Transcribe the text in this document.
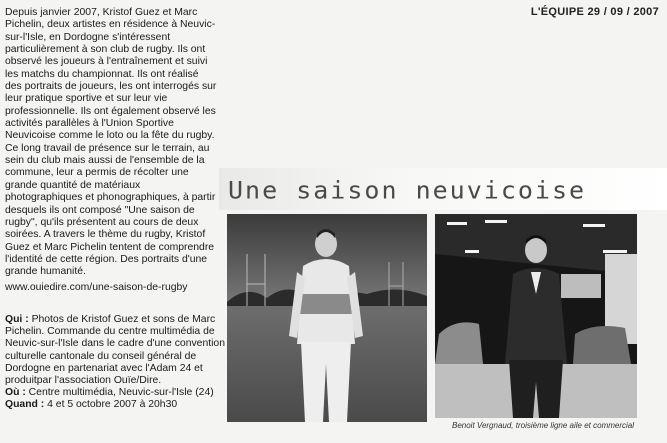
L'ÉQUIPE 29 / 09 / 2007

Depuis janvier 2007, Kristof Guez et Marc Pichelin, deux artistes en résidence à Neuvic-sur-l'Isle, en Dordogne s'intéressent particulièrement à son club de rugby. Ils ont observé les joueurs à l'entraînement et suivi les matchs du championnat. Ils ont réalisé des portraits de joueurs, les ont interrogés sur leur pratique sportive et sur leur vie professionnelle. Ils ont également observé les activités parallèles à l'Union Sportive Neuvicoise comme le loto ou la fête du rugby. Ce long travail de présence sur le terrain, au sein du club mais aussi de l'ensemble de la commune, leur a permis de récolter une grande quantité de matériaux photographiques et phonographiques, à partir desquels ils ont composé "Une saison de rugby", qu'ils présentent au cours de deux soirées. A travers le thème du rugby, Kristof Guez et Marc Pichelin tentent de comprendre l'identité de cette région. Des portraits d'une grande humanité.

www.ouiedire.com/une-saison-de-rugby

Qui : Photos de Kristof Guez et sons de Marc Pichelin. Commande du centre multimédia de Neuvic-sur-l'Isle dans le cadre d'une convention culturelle cantonale du conseil général de Dordogne en partenariat avec l'Adam 24 et produitpar l'association Ouïe/Dire.

Où : Centre multimédia, Neuvic-sur-l'Isle (24)

Quand : 4 et 5 octobre 2007 à 20h30

Une saison neuvicoise
Benoit Vergnaud, troisième ligne aile et commercial
